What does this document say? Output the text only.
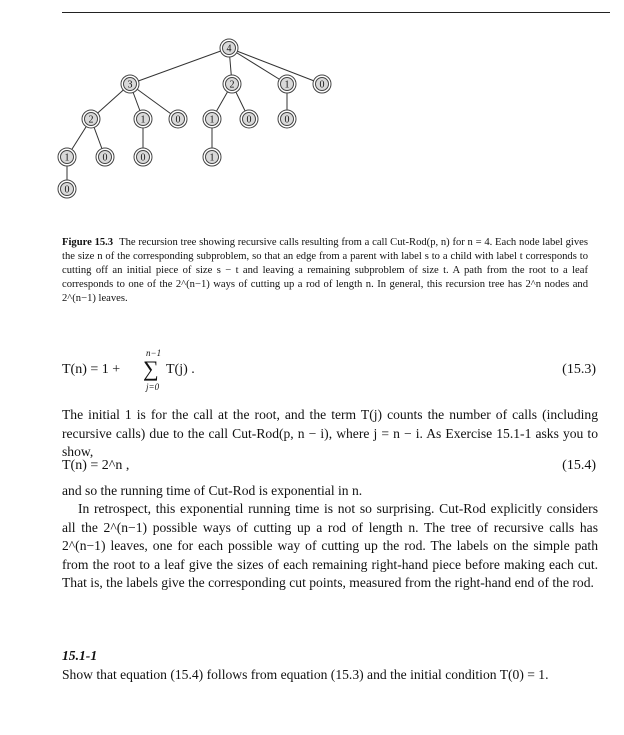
4
3	2	1	0
2	1	0	1	0	0
1	0	0	1
0
Figure 15.3 The recursion tree showing recursive calls resulting from a call Cut-Rod(p, n) for n = 4. Each node label gives the size n of the corresponding subproblem, so that an edge from a parent with label s to a child with label t corresponds to cutting off an initial piece of size s − t and leaving a remaining subproblem of size t. A path from the root to a leaf corresponds to one of the 2^(n−1) ways of cutting up a rod of length n. In general, this recursion tree has 2^n nodes and 2^(n−1) leaves.
T(n) = 1 +
n−1
∑
j=0
T(j) .	(15.3)
The initial 1 is for the call at the root, and the term T(j) counts the number of calls (including recursive calls) due to the call Cut-Rod(p, n − i), where j = n − i. As Exercise 15.1-1 asks you to show,
T(n) = 2^n ,	(15.4)
and so the running time of Cut-Rod is exponential in n.
In retrospect, this exponential running time is not so surprising. Cut-Rod explicitly considers all the 2^(n−1) possible ways of cutting up a rod of length n. The tree of recursive calls has 2^(n−1) leaves, one for each possible way of cutting up the rod. The labels on the simple path from the root to a leaf give the sizes of each remaining right-hand piece before making each cut. That is, the labels give the corresponding cut points, measured from the right-hand end of the rod.
15.1-1
Show that equation (15.4) follows from equation (15.3) and the initial condition T(0) = 1.
